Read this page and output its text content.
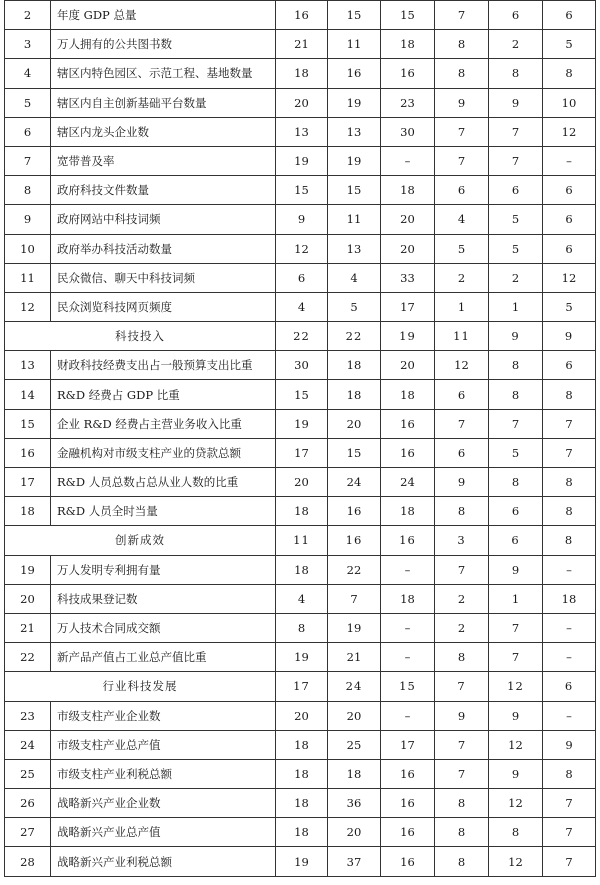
2	年度 GDP 总量	16	15	15	7	6	6
3	万人拥有的公共图书数	21	11	18	8	2	5
4	辖区内特色园区、示范工程、基地数量	18	16	16	8	8	8
5	辖区内自主创新基础平台数量	20	19	23	9	9	10
6	辖区内龙头企业数	13	13	30	7	7	12
7	宽带普及率	19	19	–	7	7	–
8	政府科技文件数量	15	15	18	6	6	6
9	政府网站中科技词频	9	11	20	4	5	6
10	政府举办科技活动数量	12	13	20	5	5	6
11	民众微信、聊天中科技词频	6	4	33	2	2	12
12	民众浏览科技网页频度	4	5	17	1	1	5
科技投入		22	22	19	11	9	9
13	财政科技经费支出占一般预算支出比重	30	18	20	12	8	6
14	R&D 经费占 GDP 比重	15	18	18	6	8	8
15	企业 R&D 经费占主营业务收入比重	19	20	16	7	7	7
16	金融机构对市级支柱产业的贷款总额	17	15	16	6	5	7
17	R&D 人员总数占总从业人数的比重	20	24	24	9	8	8
18	R&D 人员全时当量	18	16	18	8	6	8
创新成效		11	16	16	3	6	8
19	万人发明专利拥有量	18	22	–	7	9	–
20	科技成果登记数	4	7	18	2	1	18
21	万人技术合同成交额	8	19	–	2	7	–
22	新产品产值占工业总产值比重	19	21	–	8	7	–
行业科技发展		17	24	15	7	12	6
23	市级支柱产业企业数	20	20	–	9	9	–
24	市级支柱产业总产值	18	25	17	7	12	9
25	市级支柱产业利税总额	18	18	16	7	9	8
26	战略新兴产业企业数	18	36	16	8	12	7
27	战略新兴产业总产值	18	20	16	8	8	7
28	战略新兴产业利税总额	19	37	16	8	12	7
